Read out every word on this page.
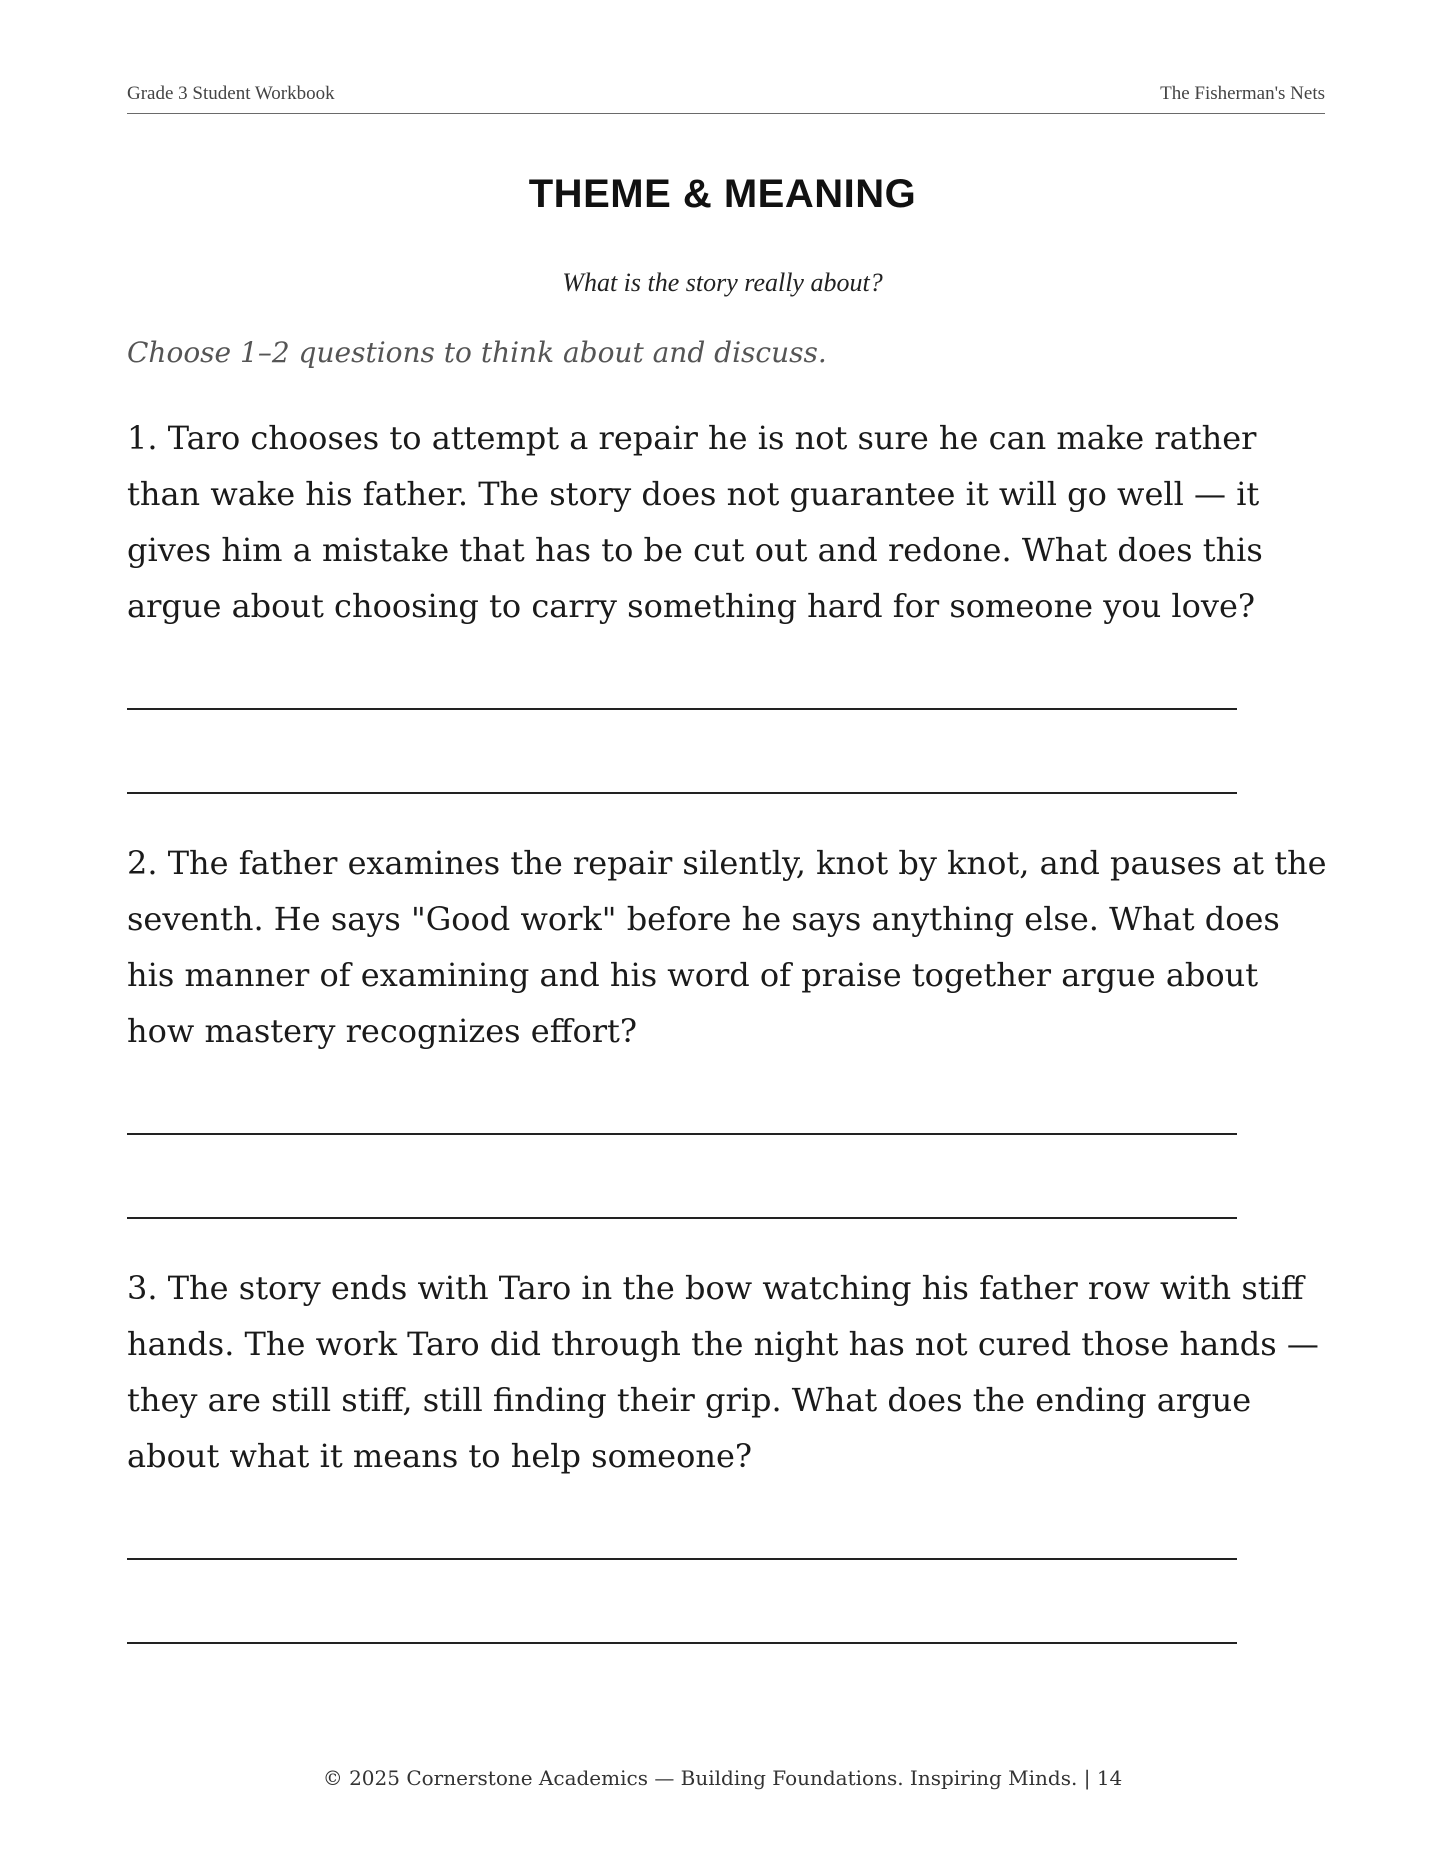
Grade 3 Student Workbook	The Fisherman's Nets
THEME & MEANING
What is the story really about?
Choose 1–2 questions to think about and discuss.
1. Taro chooses to attempt a repair he is not sure he can make rather than wake his father. The story does not guarantee it will go well — it gives him a mistake that has to be cut out and redone. What does this argue about choosing to carry something hard for someone you love?
2. The father examines the repair silently, knot by knot, and pauses at the seventh. He says "Good work" before he says anything else. What does his manner of examining and his word of praise together argue about how mastery recognizes effort?
3. The story ends with Taro in the bow watching his father row with stiff hands. The work Taro did through the night has not cured those hands — they are still stiff, still finding their grip. What does the ending argue about what it means to help someone?
© 2025 Cornerstone Academics — Building Foundations. Inspiring Minds. | 14
